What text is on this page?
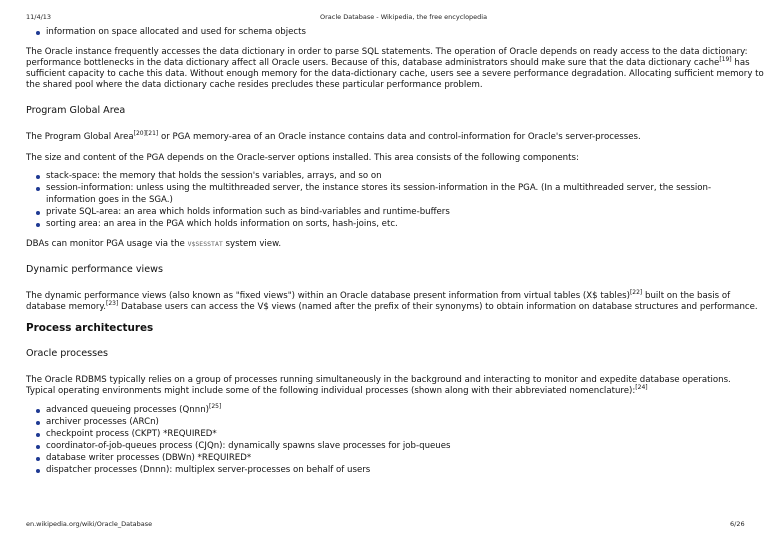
11/4/13	Oracle Database - Wikipedia, the free encyclopedia
information on space allocated and used for schema objects

The Oracle instance frequently accesses the data dictionary in order to parse SQL statements. The operation of Oracle depends on ready access to the data dictionary:

performance bottlenecks in the data dictionary affect all Oracle users. Because of this, database administrators should make sure that the data dictionary cache[19] has

sufficient capacity to cache this data. Without enough memory for the data-dictionary cache, users see a severe performance degradation. Allocating sufficient memory to

the shared pool where the data dictionary cache resides precludes these particular performance problem.

Program Global Area

The Program Global Area[20][21] or PGA memory-area of an Oracle instance contains data and control-information for Oracle's server-processes.

The size and content of the PGA depends on the Oracle-server options installed. This area consists of the following components:

stack-space: the memory that holds the session's variables, arrays, and so on
session-information: unless using the multithreaded server, the instance stores its session-information in the PGA. (In a multithreaded server, the session-
information goes in the SGA.)
private SQL-area: an area which holds information such as bind-variables and runtime-buffers
sorting area: an area in the PGA which holds information on sorts, hash-joins, etc.

DBAs can monitor PGA usage via the V$SESSTAT system view.

Dynamic performance views

The dynamic performance views (also known as "fixed views") within an Oracle database present information from virtual tables (X$ tables)[22] built on the basis of

database memory.[23] Database users can access the V$ views (named after the prefix of their synonyms) to obtain information on database structures and performance.

Process architectures
Oracle processes

The Oracle RDBMS typically relies on a group of processes running simultaneously in the background and interacting to monitor and expedite database operations.

Typical operating environments might include some of the following individual processes (shown along with their abbreviated nomenclature):[24]

advanced queueing processes (Qnnn)[25]
archiver processes (ARCn)
checkpoint process (CKPT) *REQUIRED*
coordinator-of-job-queues process (CJQn): dynamically spawns slave processes for job-queues
database writer processes (DBWn) *REQUIRED*
dispatcher processes (Dnnn): multiplex server-processes on behalf of users
en.wikipedia.org/wiki/Oracle_Database	6/26
